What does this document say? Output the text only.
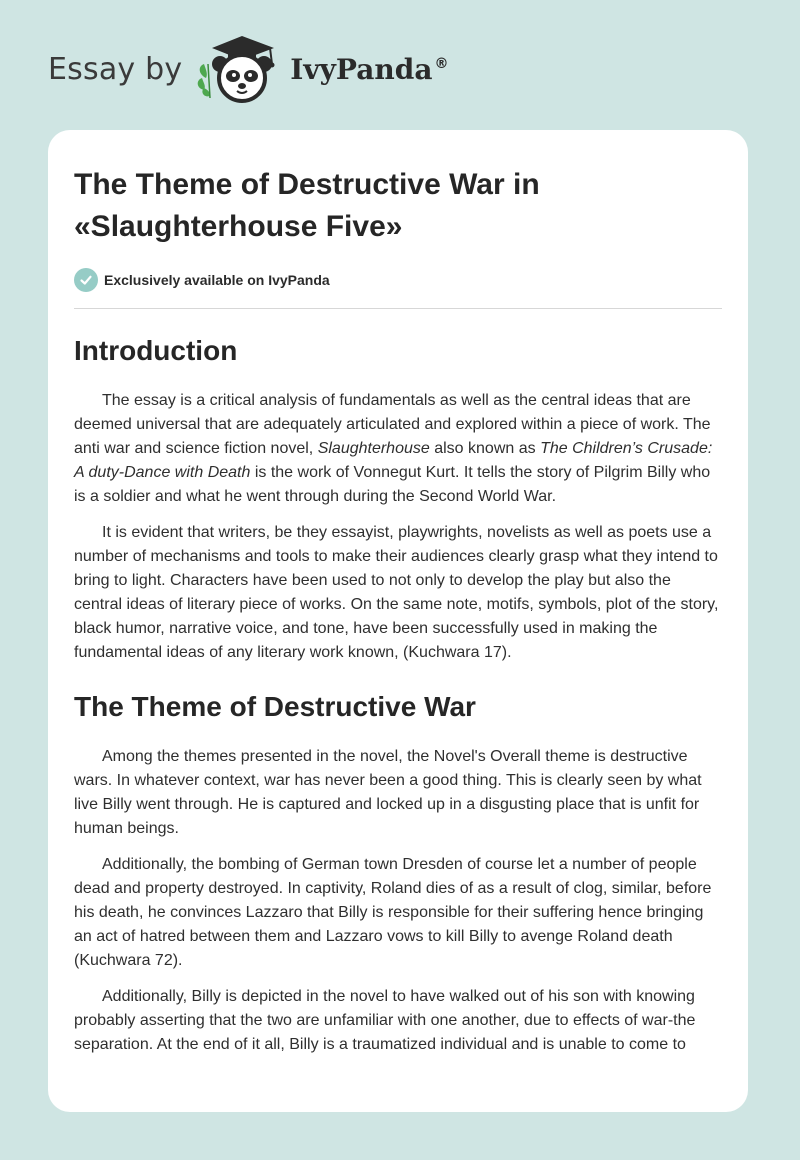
Essay by	IvyPanda ®
The Theme of Destructive War in
«Slaughterhouse Five»
Exclusively available on IvyPanda
Introduction

The essay is a critical analysis of fundamentals as well as the central ideas that are deemed universal that are adequately articulated and explored within a piece of work. The anti war and science fiction novel, Slaughterhouse also known as The Children’s Crusade: A duty-Dance with Death is the work of Vonnegut Kurt. It tells the story of Pilgrim Billy who is a soldier and what he went through during the Second World War.

It is evident that writers, be they essayist, playwrights, novelists as well as poets use a number of mechanisms and tools to make their audiences clearly grasp what they intend to bring to light. Characters have been used to not only to develop the play but also the central ideas of literary piece of works. On the same note, motifs, symbols, plot of the story, black humor, narrative voice, and tone, have been successfully used in making the fundamental ideas of any literary work known, (Kuchwara 17).

The Theme of Destructive War

Among the themes presented in the novel, the Novel's Overall theme is destructive wars. In whatever context, war has never been a good thing. This is clearly seen by what live Billy went through. He is captured and locked up in a disgusting place that is unfit for human beings.

Additionally, the bombing of German town Dresden of course let a number of people dead and property destroyed. In captivity, Roland dies of as a result of clog, similar, before his death, he convinces Lazzaro that Billy is responsible for their suffering hence bringing an act of hatred between them and Lazzaro vows to kill Billy to avenge Roland death (Kuchwara 72).

Additionally, Billy is depicted in the novel to have walked out of his son with knowing probably asserting that the two are unfamiliar with one another, due to effects of war-the separation. At the end of it all, Billy is a traumatized individual and is unable to come to
